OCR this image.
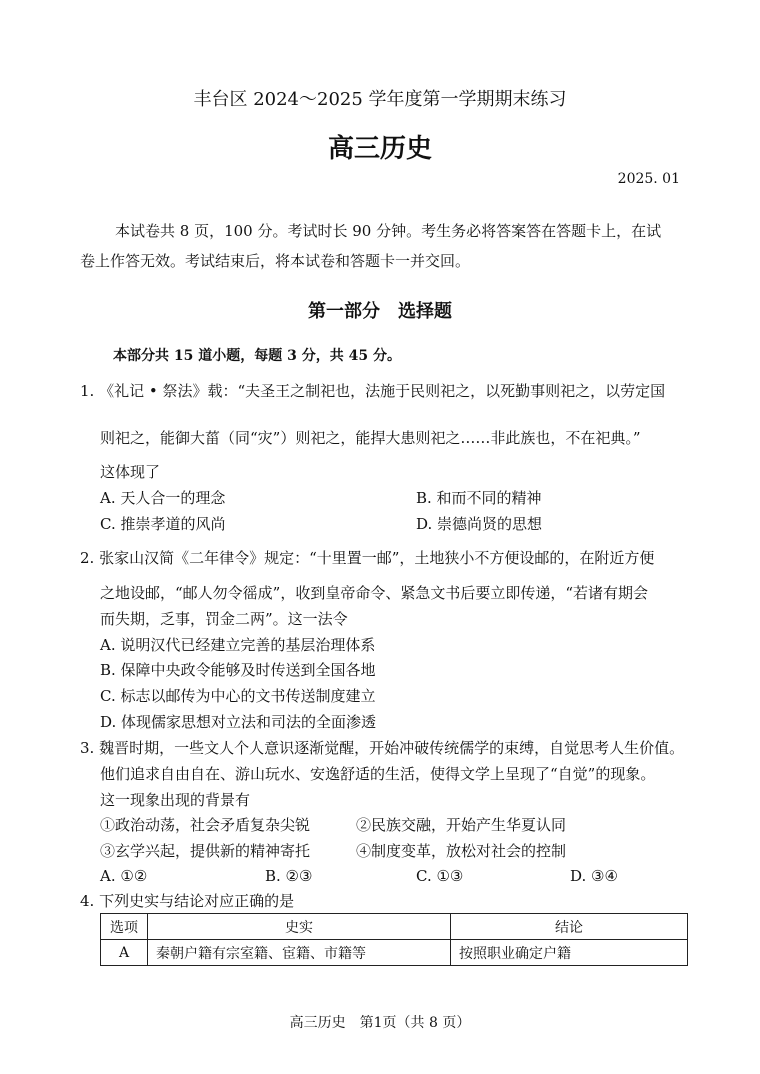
丰台区 2024～2025 学年度第一学期期末练习
高三历史
2025. 01
本试卷共 8 页，100 分。考试时长 90 分钟。考生务必将答案答在答题卡上，在试
卷上作答无效。考试结束后，将本试卷和答题卡一并交回。
第一部分　选择题
本部分共 15 道小题，每题 3 分，共 45 分。
1. 《礼记 • 祭法》载：“夫圣王之制祀也，法施于民则祀之，以死勤事则祀之，以劳定国
则祀之，能御大菑（同“灾”）则祀之，能捍大患则祀之……非此族也，不在祀典。”
这体现了
A. 天人合一的理念	B. 和而不同的精神
C. 推崇孝道的风尚	D. 崇德尚贤的思想
2. 张家山汉简《二年律令》规定：“十里置一邮”，土地狭小不方便设邮的，在附近方便
之地设邮，“邮人勿令徭成”，收到皇帝命令、紧急文书后要立即传递，“若诸有期会
而失期，乏事，罚金二两”。这一法令
A. 说明汉代已经建立完善的基层治理体系
B. 保障中央政令能够及时传送到全国各地
C. 标志以邮传为中心的文书传送制度建立
D. 体现儒家思想对立法和司法的全面渗透
3. 魏晋时期，一些文人个人意识逐渐觉醒，开始冲破传统儒学的束缚，自觉思考人生价值。
他们追求自由自在、游山玩水、安逸舒适的生活，使得文学上呈现了“自觉”的现象。
这一现象出现的背景有
①政治动荡，社会矛盾复杂尖锐	②民族交融，开始产生华夏认同
③玄学兴起，提供新的精神寄托	④制度变革，放松对社会的控制
A. ①②	B. ②③	C. ①③	D. ③④
4. 下列史实与结论对应正确的是
选项	史实	结论
A	秦朝户籍有宗室籍、宦籍、市籍等	按照职业确定户籍
高三历史　第1页（共 8 页）
